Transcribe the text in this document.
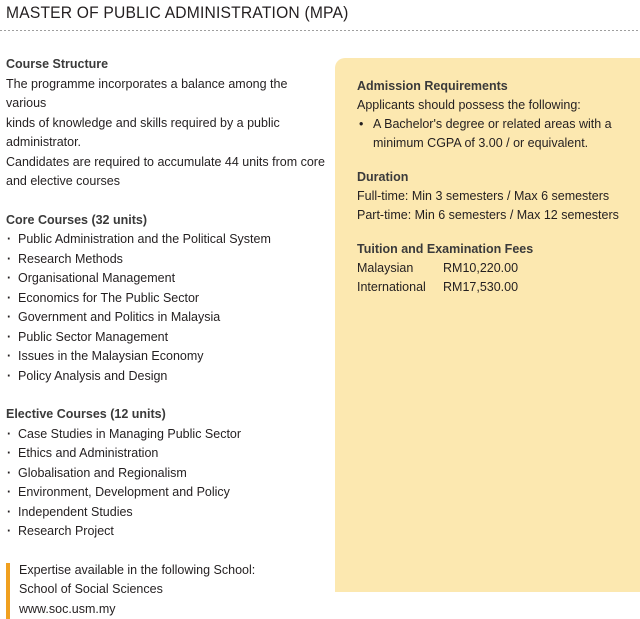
MASTER OF PUBLIC ADMINISTRATION (MPA)
Course Structure
The programme incorporates a balance among the various
kinds of knowledge and skills required by a public administrator.
Candidates are required to accumulate 44 units from core
and elective courses
Core Courses (32 units)
· Public Administration and the Political System
· Research Methods
· Organisational Management
· Economics for The Public Sector
· Government and Politics in Malaysia
· Public Sector Management
· Issues in the Malaysian Economy
· Policy Analysis and Design
Elective Courses (12 units)
· Case Studies in Managing Public Sector
· Ethics and Administration
· Globalisation and Regionalism
· Environment, Development and Policy
· Independent Studies
· Research Project
Expertise available in the following School:
School of Social Sciences
www.soc.usm.my
Admission Requirements
Applicants should possess the following:
• A Bachelor's degree or related areas with a
minimum CGPA of 3.00 / or equivalent.
Duration
Full-time: Min 3 semesters / Max 6 semesters
Part-time: Min 6 semesters / Max 12 semesters
Tuition and Examination Fees
Malaysian	RM10,220.00
International	RM17,530.00
